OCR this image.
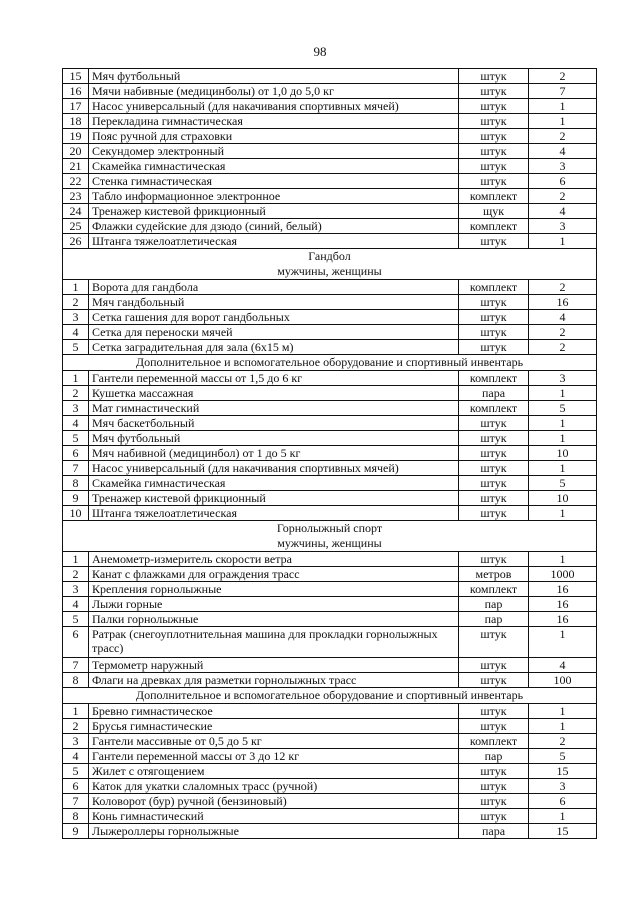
98
15	Мяч футбольный	штук	2
16	Мячи набивные (медицинболы) от 1,0 до 5,0 кг	штук	7
17	Насос универсальный (для накачивания спортивных мячей)	штук	1
18	Перекладина гимнастическая	штук	1
19	Пояс ручной для страховки	штук	2
20	Секундомер электронный	штук	4
21	Скамейка гимнастическая	штук	3
22	Стенка гимнастическая	штук	6
23	Табло информационное электронное	комплект	2
24	Тренажер кистевой фрикционный	щук	4
25	Флажки судейские для дзюдо (синий, белый)	комплект	3
26	Штанга тяжелоатлетическая	штук	1

Гандбол
мужчины, женщины			

1	Ворота для гандбола	комплект	2
2	Мяч гандбольный	штук	16
3	Сетка гашения для ворот гандбольных	штук	4
4	Сетка для переноски мячей	штук	2
5	Сетка заградительная для зала (6x15 м)	штук	2

Дополнительное и вспомогательное оборудование и спортивный инвентарь			

1	Гантели переменной массы от 1,5 до 6 кг	комплект	3
2	Кушетка массажная	пара	1
3	Мат гимнастический	комплект	5
4	Мяч баскетбольный	штук	1
5	Мяч футбольный	штук	1
6	Мяч набивной (медицинбол) от 1 до 5 кг	штук	10
7	Насос универсальный (для накачивания спортивных мячей)	штук	1
8	Скамейка гимнастическая	штук	5
9	Тренажер кистевой фрикционный	штук	10
10	Штанга тяжелоатлетическая	штук	1

Горнолыжный спорт
мужчины, женщины			

1	Анемометр-измеритель скорости ветра	штук	1
2	Канат с флажками для ограждения трасс	метров	1000
3	Крепления горнолыжные	комплект	16
4	Лыжи горные	пар	16
5	Палки горнолыжные	пар	16
6	Ратрак (снегоуплотнительная машина для прокладки горнолыжных трасс)	штук	1
7	Термометр наружный	штук	4
8	Флаги на древках для разметки горнолыжных трасс	штук	100

Дополнительное и вспомогательное оборудование и спортивный инвентарь			

1	Бревно гимнастическое	штук	1
2	Брусья гимнастические	штук	1
3	Гантели массивные от 0,5 до 5 кг	комплект	2
4	Гантели переменной массы от 3 до 12 кг	пар	5
5	Жилет с отягощением	штук	15
6	Каток для укатки слаломных трасс (ручной)	штук	3
7	Коловорот (бур) ручной (бензиновый)	штук	6
8	Конь гимнастический	штук	1
9	Лыжероллеры горнолыжные	пара	15
